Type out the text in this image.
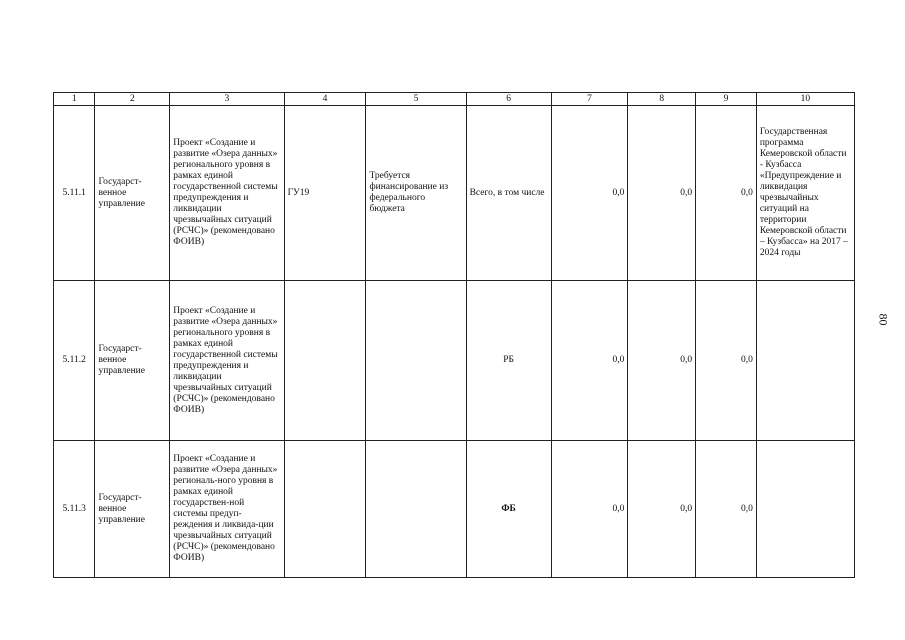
1	2	3	4	5	6	7	8	9	10
5.11.1	Государст-венное управление	Проект «Создание и развитие «Озера данных» регионального уровня в рамках единой государственной системы предупреждения и ликвидации чрезвычайных ситуаций (РСЧС)» (рекомендовано ФОИВ)	ГУ19	Требуется финансирование из федерального бюджета	Всего, в том числе	0,0	0,0	0,0	Государственная программа Кемеровской области - Кузбасса «Предупреждение и ликвидация чрезвычайных ситуаций на территории Кемеровской области – Кузбасса» на 2017 – 2024 годы
5.11.2	Государст-венное управление	Проект «Создание и развитие «Озера данных» регионального уровня в рамках единой государственной системы предупреждения и ликвидации чрезвычайных ситуаций (РСЧС)» (рекомендовано ФОИВ)			РБ	0,0	0,0	0,0	
5.11.3	Государст-венное управление	Проект «Создание и развитие «Озера данных» региональ-ного уровня в рамках единой государствен-ной системы предуп-реждения и ликвида-ции чрезвычайных ситуаций (РСЧС)» (рекомендовано ФОИВ)			ФБ	0,0	0,0	0,0	
80
